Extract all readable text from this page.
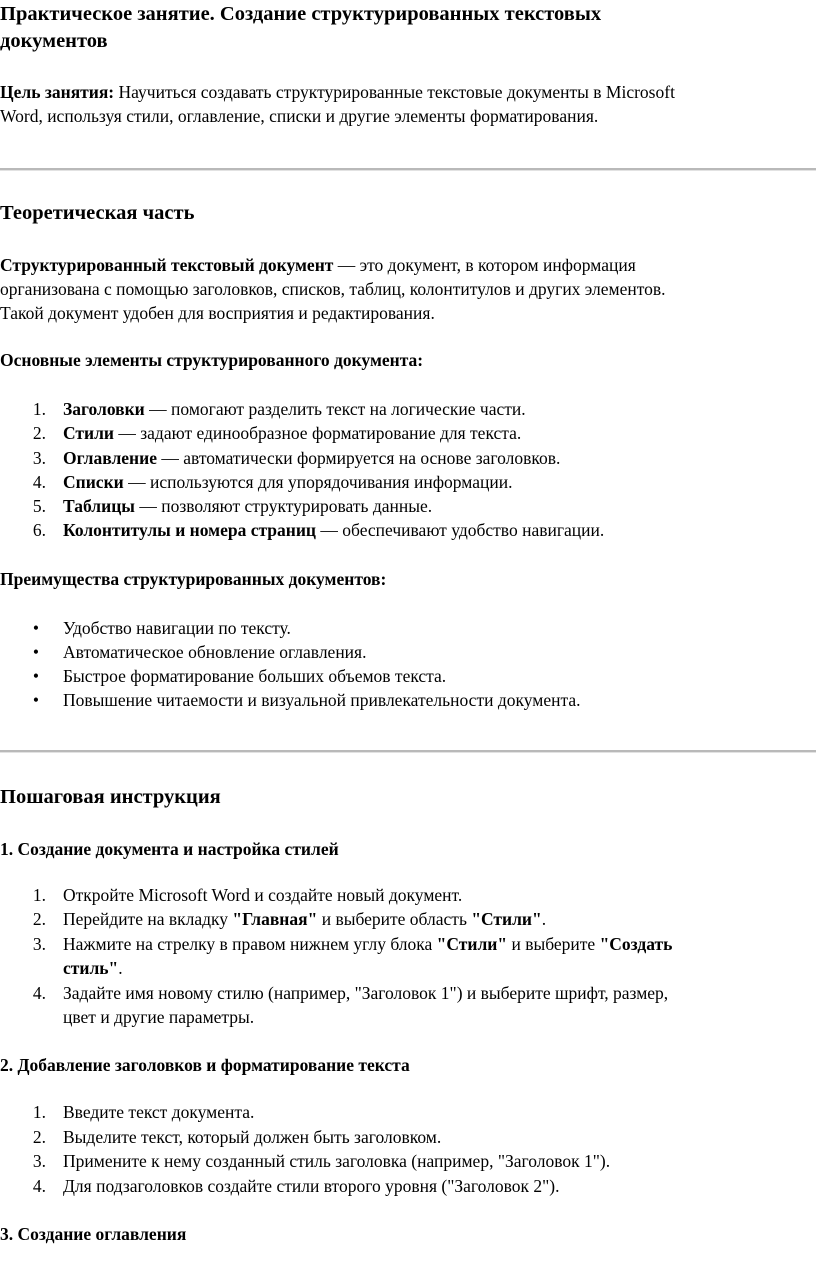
Практическое занятие. Создание структурированных текстовых
документов
Цель занятия: Научиться создавать структурированные текстовые документы в Microsoft
Word, используя стили, оглавление, списки и другие элементы форматирования.
Теоретическая часть
Структурированный текстовый документ — это документ, в котором информация
организована с помощью заголовков, списков, таблиц, колонтитулов и других элементов.
Такой документ удобен для восприятия и редактирования.
Основные элементы структурированного документа:
1. Заголовки — помогают разделить текст на логические части.
2. Стили — задают единообразное форматирование для текста.
3. Оглавление — автоматически формируется на основе заголовков.
4. Списки — используются для упорядочивания информации.
5. Таблицы — позволяют структурировать данные.
6. Колонтитулы и номера страниц — обеспечивают удобство навигации.
Преимущества структурированных документов:
• Удобство навигации по тексту.
• Автоматическое обновление оглавления.
• Быстрое форматирование больших объемов текста.
• Повышение читаемости и визуальной привлекательности документа.
Пошаговая инструкция
1. Создание документа и настройка стилей
1. Откройте Microsoft Word и создайте новый документ.
2. Перейдите на вкладку "Главная" и выберите область "Стили".
3. Нажмите на стрелку в правом нижнем углу блока "Стили" и выберите "Создать
стиль".
4. Задайте имя новому стилю (например, "Заголовок 1") и выберите шрифт, размер,
цвет и другие параметры.
2. Добавление заголовков и форматирование текста
1. Введите текст документа.
2. Выделите текст, который должен быть заголовком.
3. Примените к нему созданный стиль заголовка (например, "Заголовок 1").
4. Для подзаголовков создайте стили второго уровня ("Заголовок 2").
3. Создание оглавления
